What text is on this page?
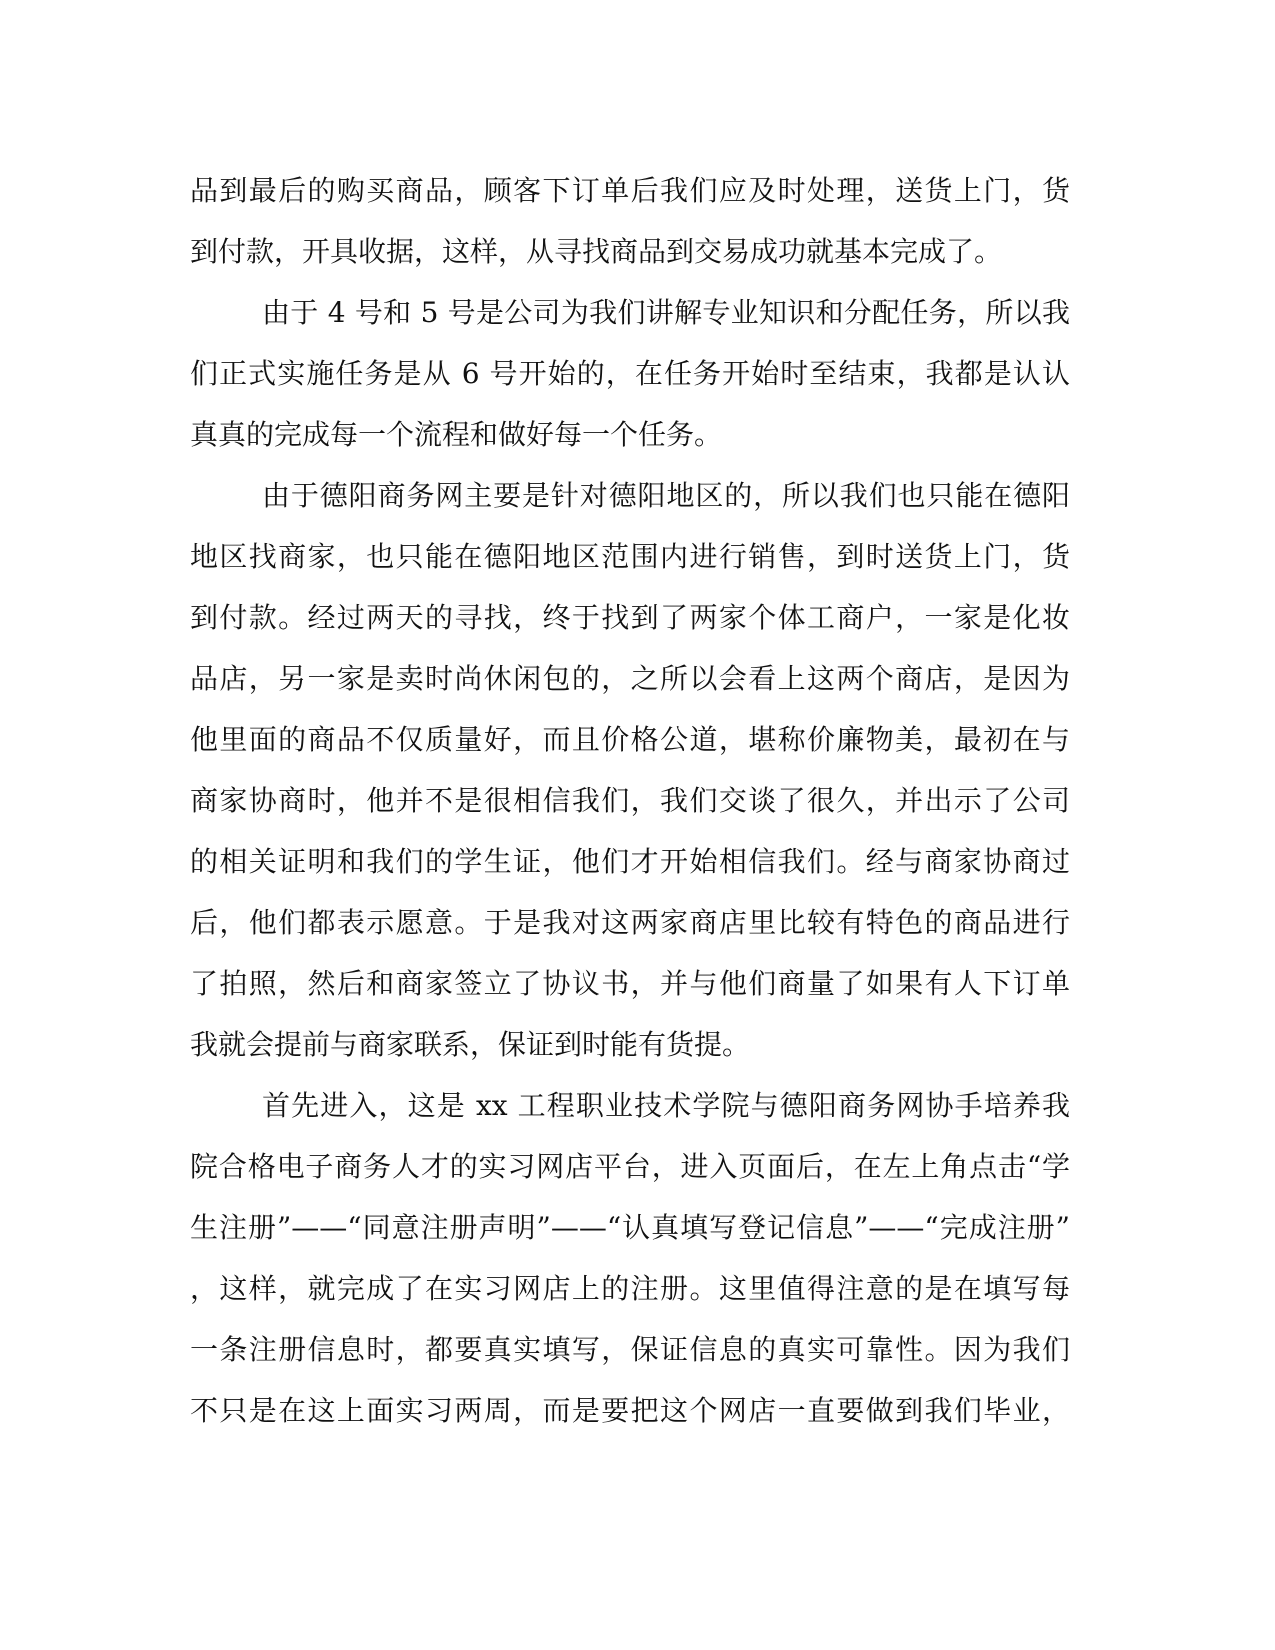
品到最后的购买商品，顾客下订单后我们应及时处理，送货上门，货
到付款，开具收据，这样，从寻找商品到交易成功就基本完成了。
由于 4 号和 5 号是公司为我们讲解专业知识和分配任务，所以我
们正式实施任务是从 6 号开始的，在任务开始时至结束，我都是认认
真真的完成每一个流程和做好每一个任务。
由于德阳商务网主要是针对德阳地区的，所以我们也只能在德阳
地区找商家，也只能在德阳地区范围内进行销售，到时送货上门，货
到付款。经过两天的寻找，终于找到了两家个体工商户，一家是化妆
品店，另一家是卖时尚休闲包的，之所以会看上这两个商店，是因为
他里面的商品不仅质量好，而且价格公道，堪称价廉物美，最初在与
商家协商时，他并不是很相信我们，我们交谈了很久，并出示了公司
的相关证明和我们的学生证，他们才开始相信我们。经与商家协商过
后，他们都表示愿意。于是我对这两家商店里比较有特色的商品进行
了拍照，然后和商家签立了协议书，并与他们商量了如果有人下订单
我就会提前与商家联系，保证到时能有货提。
首先进入，这是 xx 工程职业技术学院与德阳商务网协手培养我
院合格电子商务人才的实习网店平台，进入页面后，在左上角点击“学
生注册”——“同意注册声明”——“认真填写登记信息”——“完成注册”
，这样，就完成了在实习网店上的注册。这里值得注意的是在填写每
一条注册信息时，都要真实填写，保证信息的真实可靠性。因为我们
不只是在这上面实习两周，而是要把这个网店一直要做到我们毕业，
